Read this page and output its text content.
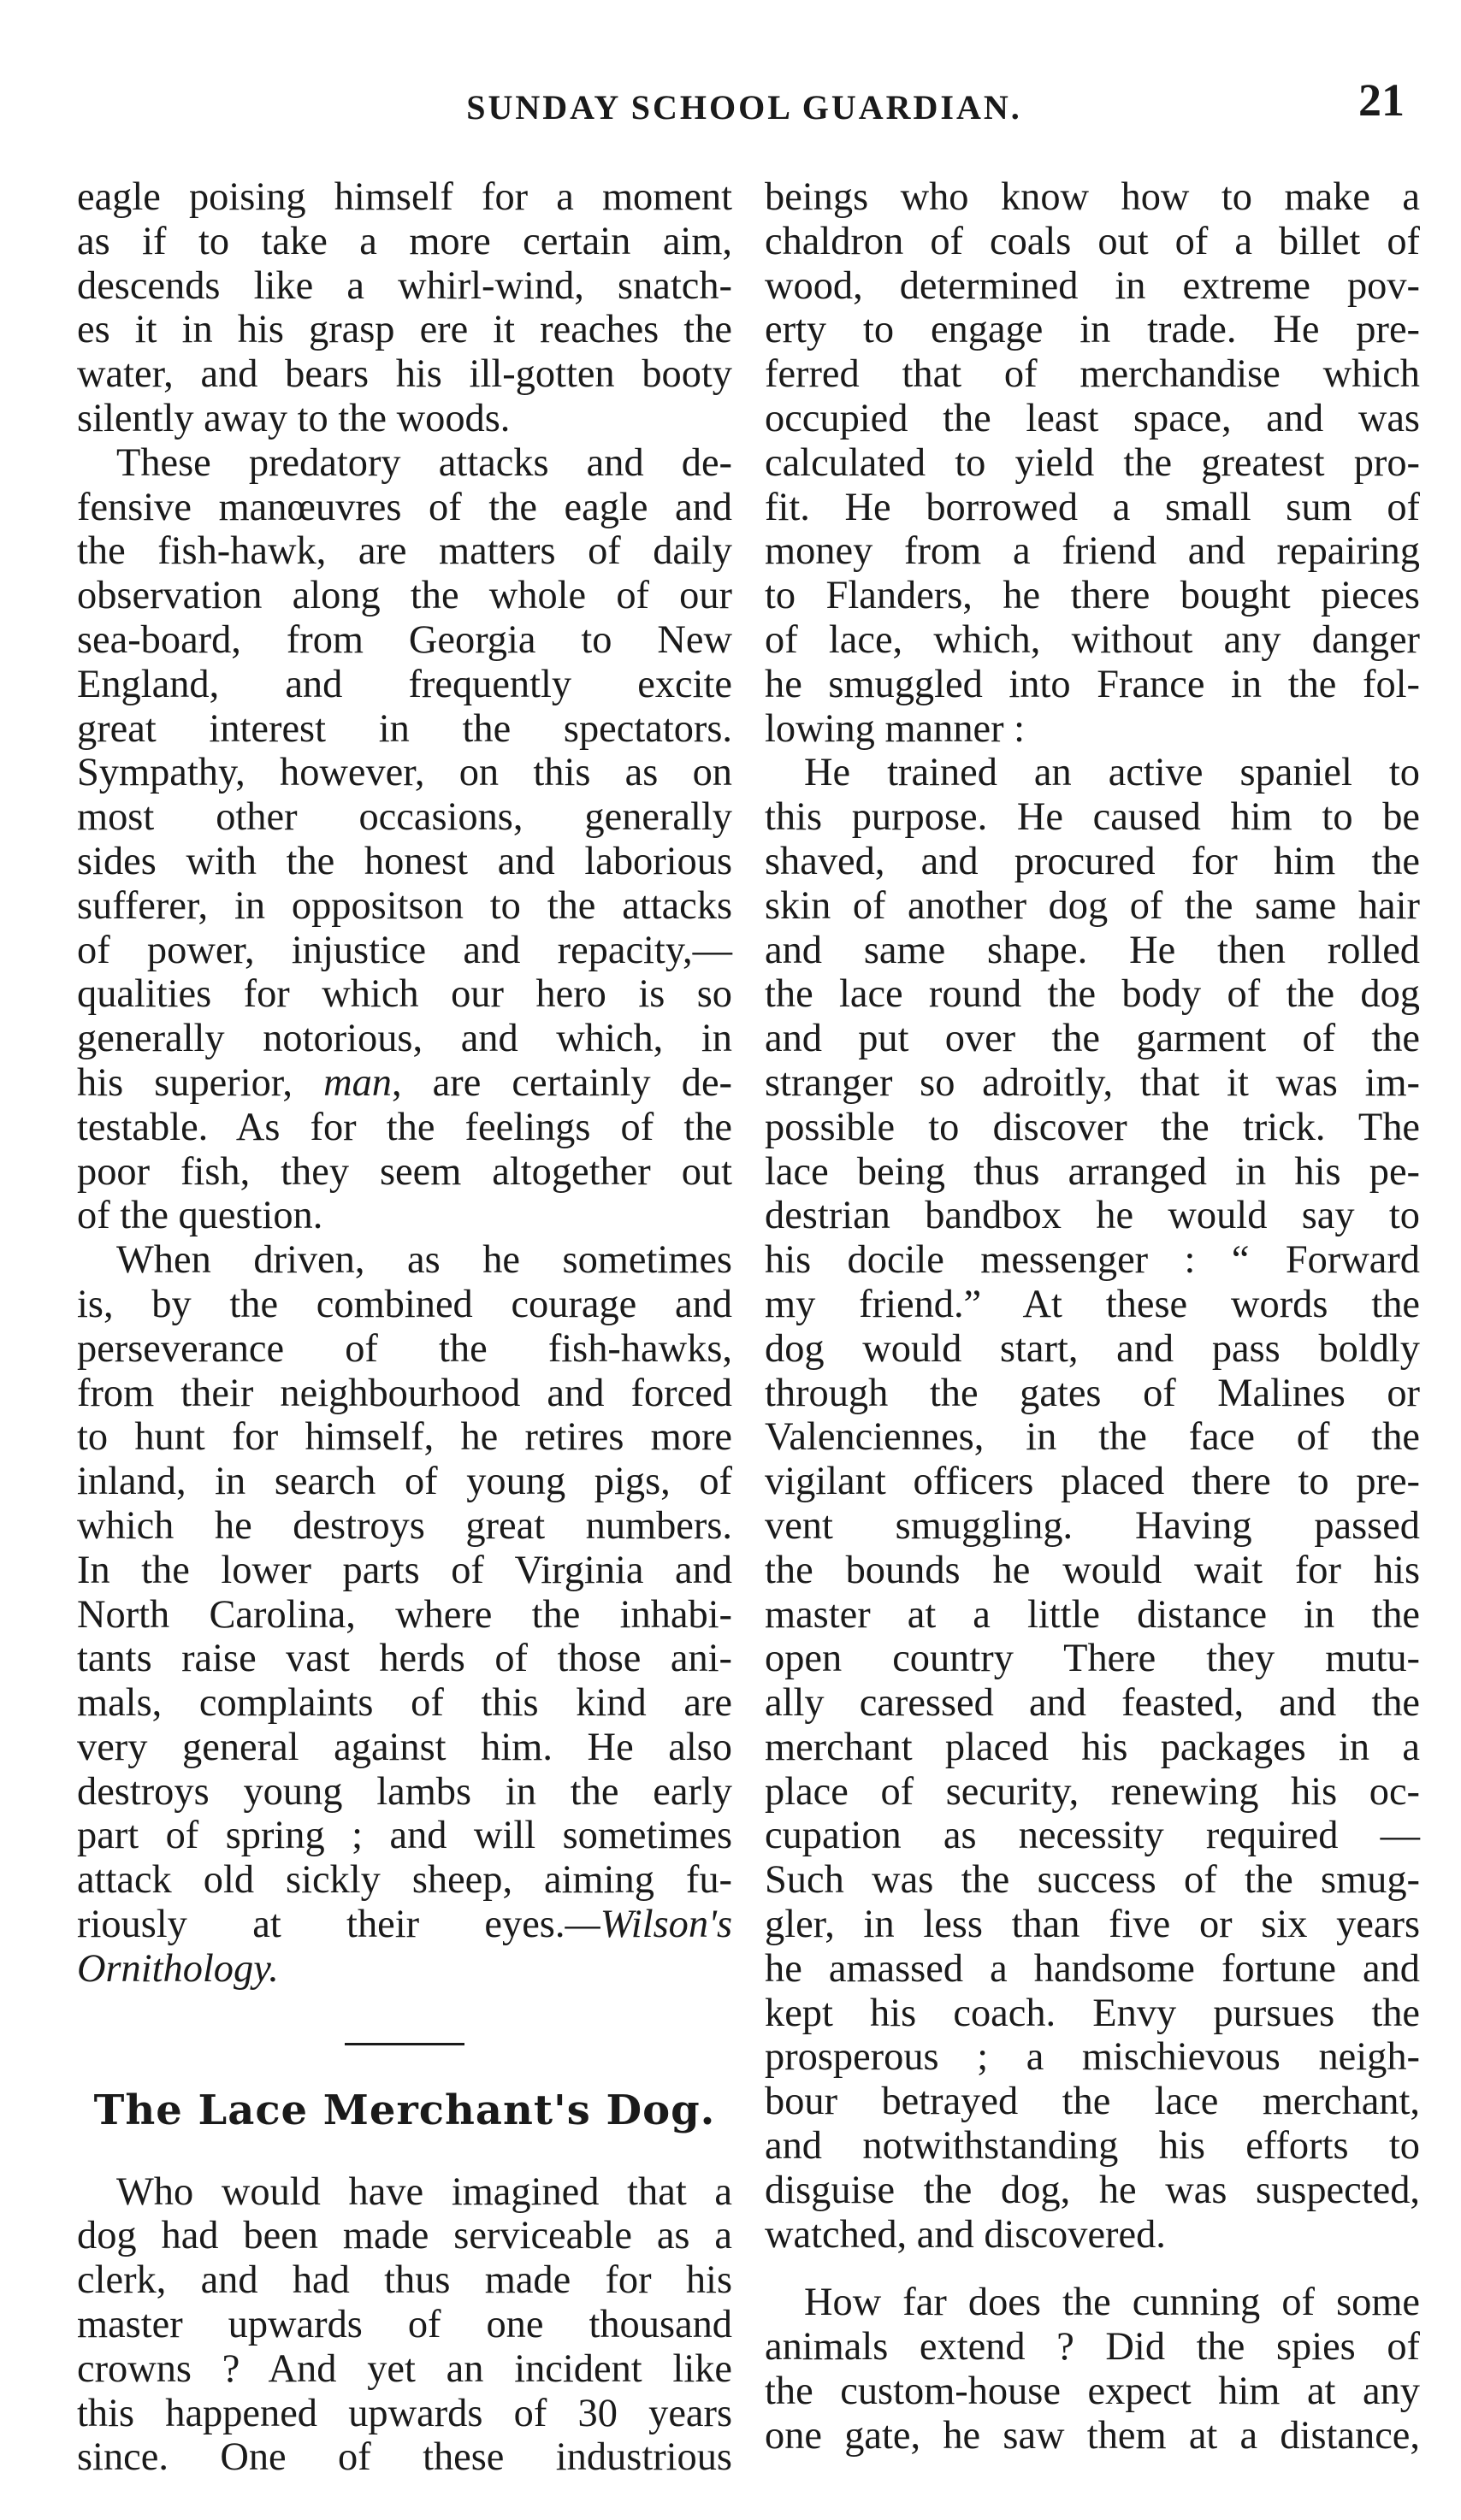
SUNDAY SCHOOL GUARDIAN.	21
eagle poising himself for a moment
as if to take a more certain aim,
descends like a whirl-wind, snatch-
es it in his grasp ere it reaches the
water, and bears his ill-gotten booty
silently away to the woods.
These predatory attacks and de-
fensive manœuvres of the eagle and
the fish-hawk, are matters of daily
observation along the whole of our
sea-board, from Georgia to New
England, and frequently excite
great interest in the spectators.
Sympathy, however, on this as on
most other occasions, generally
sides with the honest and laborious
sufferer, in oppositson to the attacks
of power, injustice and repacity,—
qualities for which our hero is so
generally notorious, and which, in
his superior, man, are certainly de-
testable. As for the feelings of the
poor fish, they seem altogether out
of the question.
When driven, as he sometimes
is, by the combined courage and
perseverance of the fish-hawks,
from their neighbourhood and forced
to hunt for himself, he retires more
inland, in search of young pigs, of
which he destroys great numbers.
In the lower parts of Virginia and
North Carolina, where the inhabi-
tants raise vast herds of those ani-
mals, complaints of this kind are
very general against him. He also
destroys young lambs in the early
part of spring ; and will sometimes
attack old sickly sheep, aiming fu-
riously at their eyes.—Wilson's
Ornithology.
The Lace Merchant's Dog.
Who would have imagined that a
dog had been made serviceable as a
clerk, and had thus made for his
master upwards of one thousand
crowns ? And yet an incident like
this happened upwards of 30 years
since. One of these industrious
beings who know how to make a
chaldron of coals out of a billet of
wood, determined in extreme pov-
erty to engage in trade. He pre-
ferred that of merchandise which
occupied the least space, and was
calculated to yield the greatest pro-
fit. He borrowed a small sum of
money from a friend and repairing
to Flanders, he there bought pieces
of lace, which, without any danger
he smuggled into France in the fol-
lowing manner :
He trained an active spaniel to
this purpose. He caused him to be
shaved, and procured for him the
skin of another dog of the same hair
and same shape. He then rolled
the lace round the body of the dog
and put over the garment of the
stranger so adroitly, that it was im-
possible to discover the trick. The
lace being thus arranged in his pe-
destrian bandbox he would say to
his docile messenger : “ Forward
my friend.” At these words the
dog would start, and pass boldly
through the gates of Malines or
Valenciennes, in the face of the
vigilant officers placed there to pre-
vent smuggling. Having passed
the bounds he would wait for his
master at a little distance in the
open country There they mutu-
ally caressed and feasted, and the
merchant placed his packages in a
place of security, renewing his oc-
cupation as necessity required —
Such was the success of the smug-
gler, in less than five or six years
he amassed a handsome fortune and
kept his coach. Envy pursues the
prosperous ; a mischievous neigh-
bour betrayed the lace merchant,
and notwithstanding his efforts to
disguise the dog, he was suspected,
watched, and discovered.
How far does the cunning of some
animals extend ? Did the spies of
the custom-house expect him at any
one gate, he saw them at a distance,
